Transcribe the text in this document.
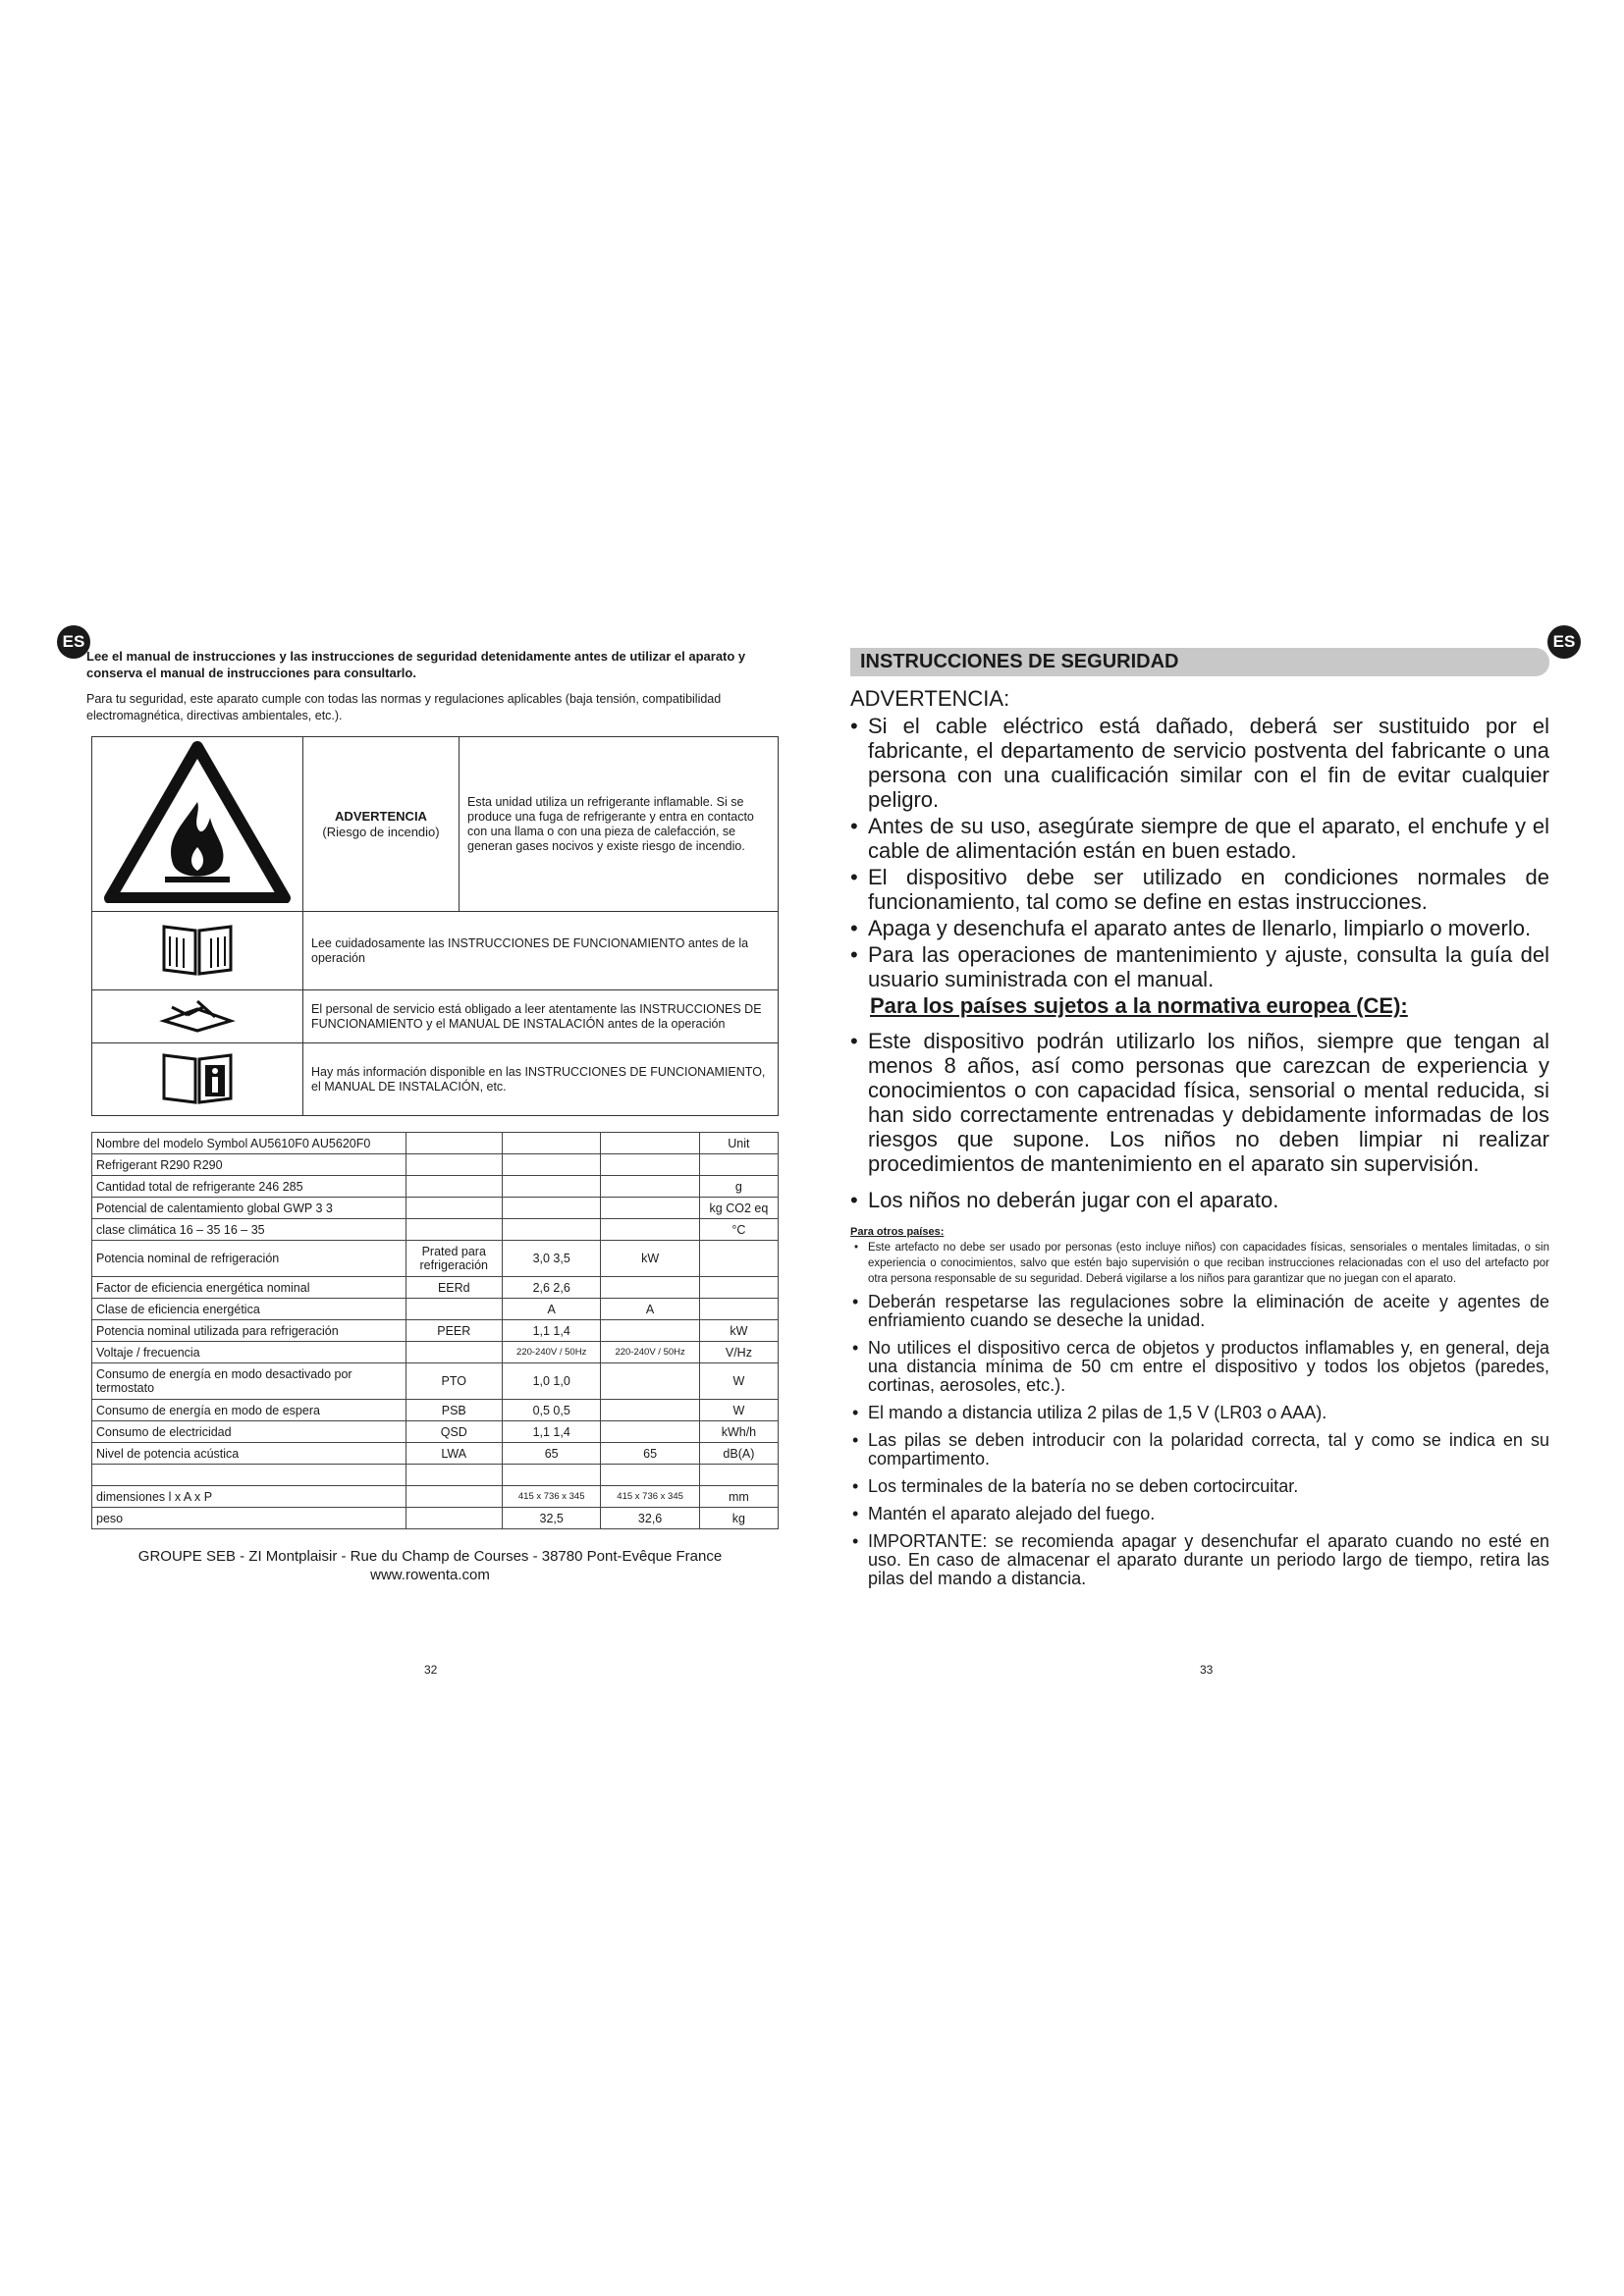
ES	ES

Lee el manual de instrucciones y las instrucciones de seguridad detenidamente antes de utilizar el aparato y conserva el manual de instrucciones para consultarlo.

Para tu seguridad, este aparato cumple con todas las normas y regulaciones aplicables (baja tensión, compatibilidad electromagnética, directivas ambientales, etc.).

ADVERTENCIA
(Riesgo de incendio)	Esta unidad utiliza un refrigerante inflamable. Si se produce una fuga de refrigerante y entra en contacto con una llama o con una pieza de calefacción, se generan gases nocivos y existe riesgo de incendio.
	Lee cuidadosamente las INSTRUCCIONES DE FUNCIONAMIENTO antes de la operación	
	El personal de servicio está obligado a leer atentamente las INSTRUCCIONES DE FUNCIONAMIENTO y el MANUAL DE INSTALACIÓN antes de la operación	
	Hay más información disponible en las INSTRUCCIONES DE FUNCIONAMIENTO, el MANUAL DE INSTALACIÓN, etc.	
Nombre del modelo Symbol AU5610F0 AU5620F0				Unit
Refrigerant R290 R290				
Cantidad total de refrigerante 246 285				g
Potencial de calentamiento global GWP 3 3				kg CO2 eq
clase climática 16 – 35 16 – 35				°C
Potencia nominal de refrigeración	Prated para refrigeración	3,0 3,5	kW	
Factor de eficiencia energética nominal	EERd	2,6 2,6		
Clase de eficiencia energética		A	A	
Potencia nominal utilizada para refrigeración	PEER	1,1 1,4		kW
Voltaje / frecuencia		220-240V / 50Hz	220-240V / 50Hz	V/Hz
Consumo de energía en modo desactivado por termostato	PTO	1,0 1,0		W
Consumo de energía en modo de espera	PSB	0,5 0,5		W
Consumo de electricidad	QSD	1,1 1,4		kWh/h
Nivel de potencia acústica	LWA	65	65	dB(A)

dimensiones l x A x P		415 x 736 x 345	415 x 736 x 345	mm
peso		32,5	32,6	kg
GROUPE SEB - ZI Montplaisir - Rue du Champ de Courses - 38780 Pont-Evêque France
www.rowenta.com
32
INSTRUCCIONES DE SEGURIDAD
ADVERTENCIA:
• Si el cable eléctrico está dañado, deberá ser sustituido por el fabricante, el departamento de servicio postventa del fabricante o una persona con una cualificación similar con el fin de evitar cualquier peligro.
• Antes de su uso, asegúrate siempre de que el aparato, el enchufe y el cable de alimentación están en buen estado.
• El dispositivo debe ser utilizado en condiciones normales de funcionamiento, tal como se define en estas instrucciones.
• Apaga y desenchufa el aparato antes de llenarlo, limpiarlo o moverlo.
• Para las operaciones de mantenimiento y ajuste, consulta la guía del usuario suministrada con el manual.
Para los países sujetos a la normativa europea (CE):
• Este dispositivo podrán utilizarlo los niños, siempre que tengan al menos 8 años, así como personas que carezcan de experiencia y conocimientos o con capacidad física, sensorial o mental reducida, si han sido correctamente entrenadas y debidamente informadas de los riesgos que supone. Los niños no deben limpiar ni realizar procedimientos de mantenimiento en el aparato sin supervisión.
• Los niños no deberán jugar con el aparato.
Para otros países:
• Este artefacto no debe ser usado por personas (esto incluye niños) con capacidades físicas, sensoriales o mentales limitadas, o sin experiencia o conocimientos, salvo que estén bajo supervisión o que reciban instrucciones relacionadas con el uso del artefacto por otra persona responsable de su seguridad. Deberá vigilarse a los niños para garantizar que no juegan con el aparato.
• Deberán respetarse las regulaciones sobre la eliminación de aceite y agentes de enfriamiento cuando se deseche la unidad.
• No utilices el dispositivo cerca de objetos y productos inflamables y, en general, deja una distancia mínima de 50 cm entre el dispositivo y todos los objetos (paredes, cortinas, aerosoles, etc.).
• El mando a distancia utiliza 2 pilas de 1,5 V (LR03 o AAA).
• Las pilas se deben introducir con la polaridad correcta, tal y como se indica en su compartimento.
• Los terminales de la batería no se deben cortocircuitar.
• Mantén el aparato alejado del fuego.
• IMPORTANTE: se recomienda apagar y desenchufar el aparato cuando no esté en uso. En caso de almacenar el aparato durante un periodo largo de tiempo, retira las pilas del mando a distancia.
33
